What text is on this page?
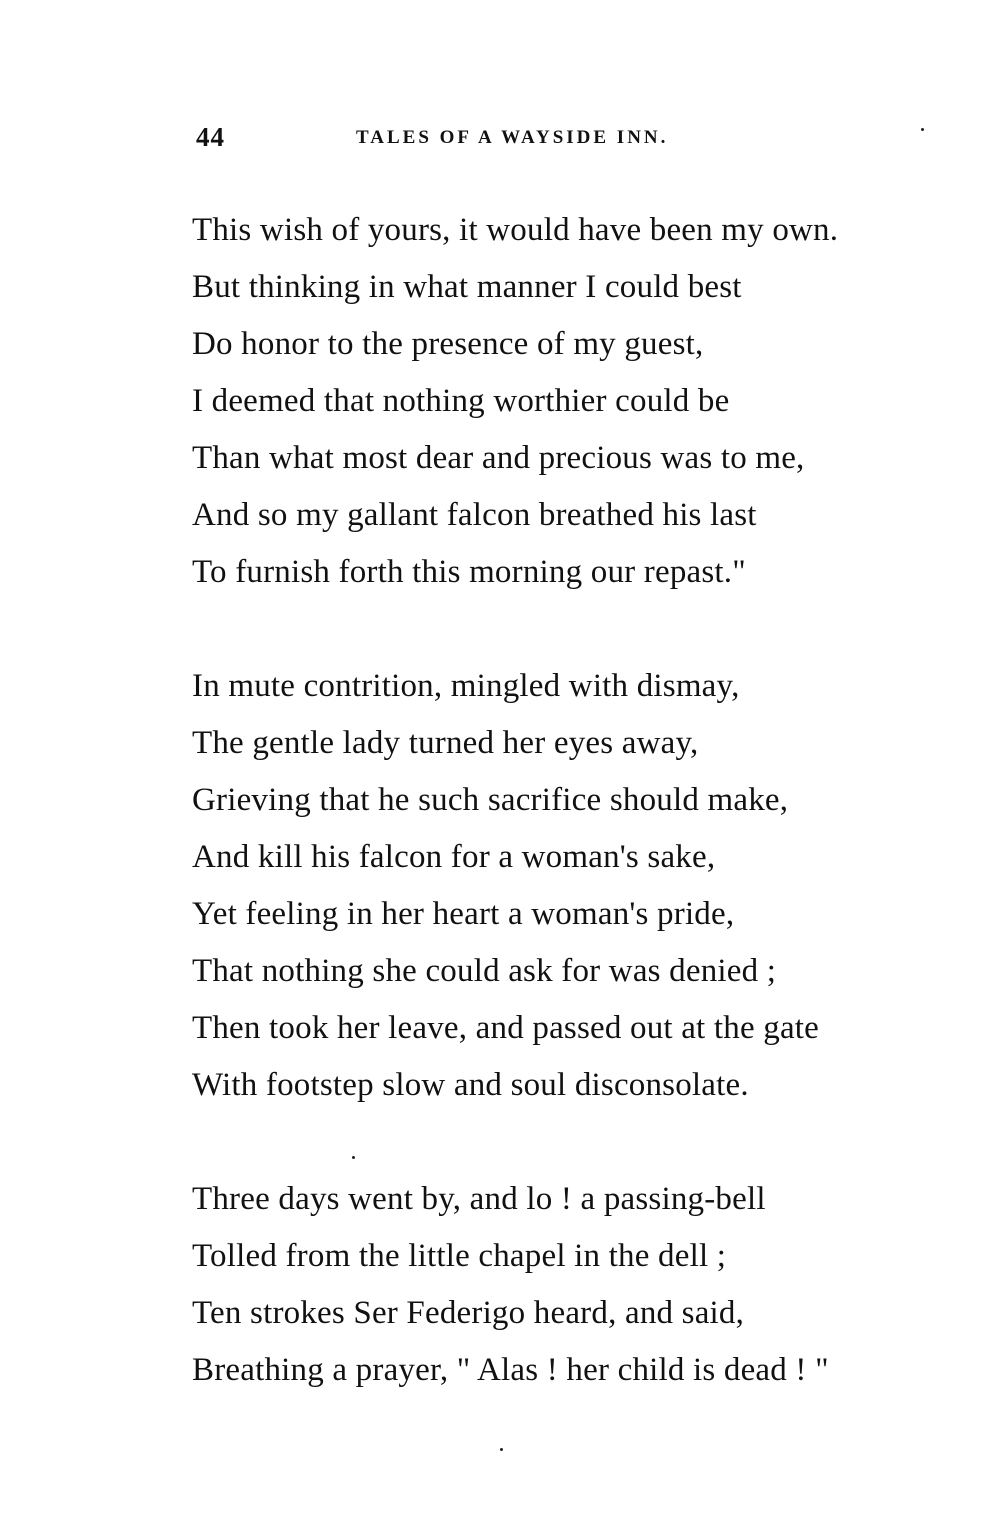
44	TALES OF A WAYSIDE INN.
This wish of yours, it would have been my own.
But thinking in what manner I could best
Do honor to the presence of my guest,
I deemed that nothing worthier could be
Than what most dear and precious was to me,
And so my gallant falcon breathed his last
To furnish forth this morning our repast."
In mute contrition, mingled with dismay,
The gentle lady turned her eyes away,
Grieving that he such sacrifice should make,
And kill his falcon for a woman's sake,
Yet feeling in her heart a woman's pride,
That nothing she could ask for was denied ;
Then took her leave, and passed out at the gate
With footstep slow and soul disconsolate.
Three days went by, and lo ! a passing-bell
Tolled from the little chapel in the dell ;
Ten strokes Ser Federigo heard, and said,
Breathing a prayer, " Alas ! her child is dead ! "
